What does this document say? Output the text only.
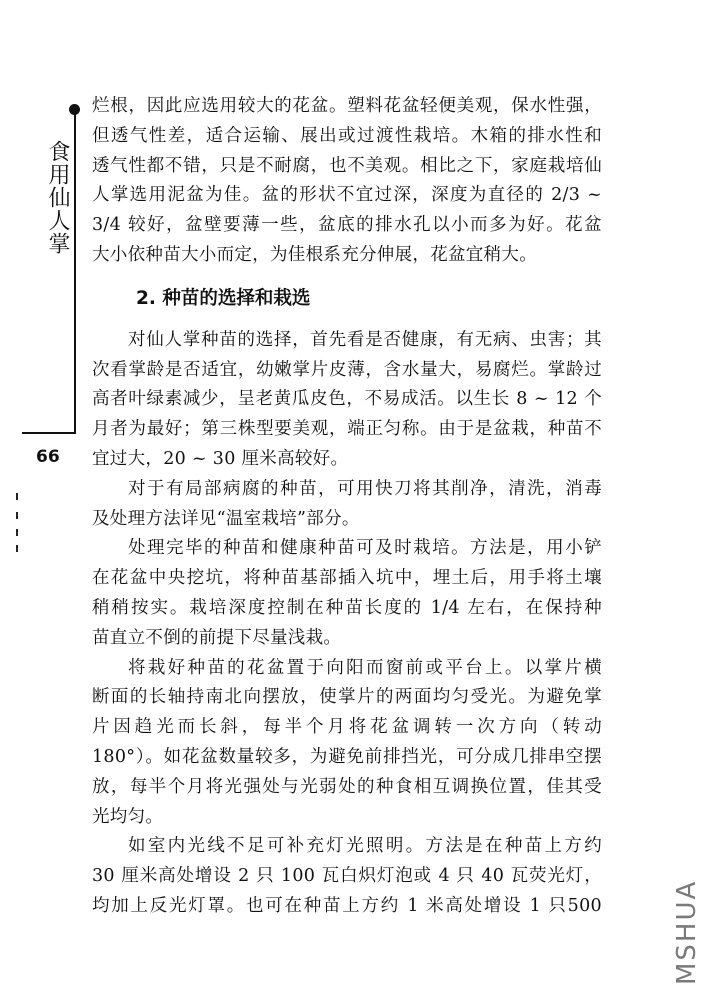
食用仙人掌
66
烂根，因此应选用较大的花盆。塑料花盆轻便美观，保水性强，
但透气性差，适合运输、展出或过渡性栽培。木箱的排水性和
透气性都不错，只是不耐腐，也不美观。相比之下，家庭栽培仙
人掌选用泥盆为佳。盆的形状不宜过深，深度为直径的 2/3 ~
3/4 较好，盆壁要薄一些，盆底的排水孔以小而多为好。花盆
大小依种苗大小而定，为佳根系充分伸展，花盆宜稍大。
2. 种苗的选择和栽选
对仙人掌种苗的选择，首先看是否健康，有无病、虫害；其
次看掌龄是否适宜，幼嫩掌片皮薄，含水量大，易腐烂。掌龄过
高者叶绿素减少，呈老黄瓜皮色，不易成活。以生长 8 ~ 12 个
月者为最好；第三株型要美观，端正匀称。由于是盆栽，种苗不
宜过大，20 ~ 30 厘米高较好。
对于有局部病腐的种苗，可用快刀将其削净，清洗，消毒
及处理方法详见“温室栽培”部分。
处理完毕的种苗和健康种苗可及时栽培。方法是，用小铲
在花盆中央挖坑，将种苗基部插入坑中，埋土后，用手将土壤
稍稍按实。栽培深度控制在种苗长度的 1/4 左右，在保持种
苗直立不倒的前提下尽量浅栽。
将栽好种苗的花盆置于向阳而窗前或平台上。以掌片横
断面的长轴持南北向摆放，使掌片的两面均匀受光。为避免掌
片因趋光而长斜，每半个月将花盆调转一次方向（转动
180°）。如花盆数量较多，为避免前排挡光，可分成几排串空摆
放，每半个月将光强处与光弱处的种食相互调换位置，佳其受
光均匀。
如室内光线不足可补充灯光照明。方法是在种苗上方约
30 厘米高处增设 2 只 100 瓦白炽灯泡或 4 只 40 瓦荧光灯，
均加上反光灯罩。也可在种苗上方约 1 米高处增设 1 只500	MSHUA
